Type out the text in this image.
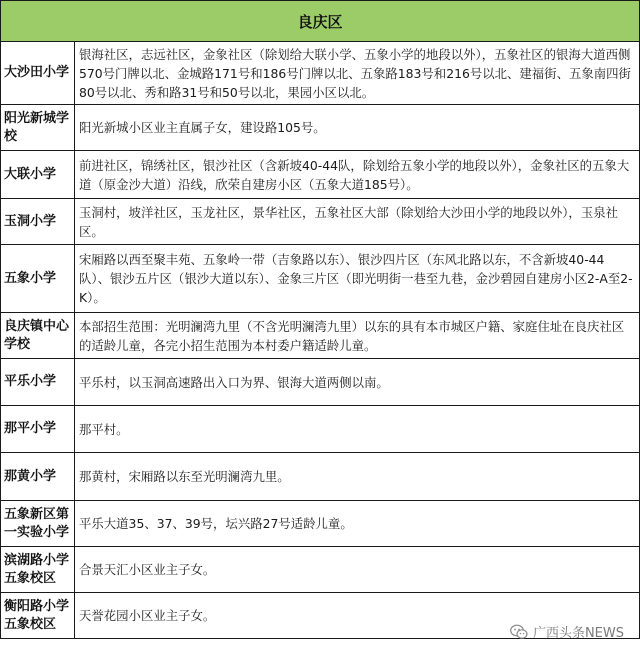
良庆区	
大沙田小学	银海社区，志远社区，金象社区（除划给大联小学、五象小学的地段以外），五象社区的银海大道西侧570号门牌以北、金城路171号和186号门牌以北、五象路183号和216号以北、建福街、五象南四街80号以北、秀和路31号和50号以北，果园小区以北。
阳光新城学校	阳光新城小区业主直属子女，建设路105号。
大联小学	前进社区，锦绣社区，银沙社区（含新坡40-44队，除划给五象小学的地段以外），金象社区的五象大道（原金沙大道）沿线，欣荣自建房小区（五象大道185号）。
玉洞小学	玉洞村，坡洋社区，玉龙社区，景华社区，五象社区大部（除划给大沙田小学的地段以外），玉泉社区。
五象小学	宋厢路以西至聚丰苑、五象岭一带（吉象路以东）、银沙四片区（东风北路以东，不含新坡40-44队）、银沙五片区（银沙大道以东）、金象三片区（即光明街一巷至九巷，金沙碧园自建房小区2-A至2-K）。
良庆镇中心学校	本部招生范围：光明澜湾九里（不含光明澜湾九里）以东的具有本市城区户籍、家庭住址在良庆社区的适龄儿童，各完小招生范围为本村委户籍适龄儿童。
平乐小学	平乐村，以玉洞高速路出入口为界、银海大道两侧以南。
那平小学	那平村。
那黄小学	那黄村，宋厢路以东至光明澜湾九里。
五象新区第一实验小学	平乐大道35、37、39号，坛兴路27号适龄儿童。
滨湖路小学五象校区	合景天汇小区业主子女。
衡阳路小学五象校区	天誉花园小区业主子女。
广西头条NEWS
